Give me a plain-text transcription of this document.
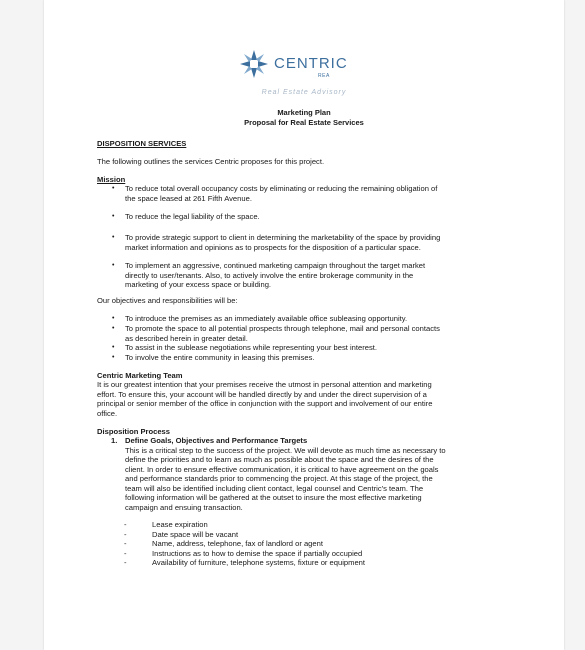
CENTRIC
REA
Real Estate Advisory
Marketing Plan
Proposal for Real Estate Services
DISPOSITION SERVICES
The following outlines the services Centric proposes for this project.
Mission
• To reduce total overall occupancy costs by eliminating or reducing the remaining obligation of
the space leased at 261 Fifth Avenue.
• To reduce the legal liability of the space.
• To provide strategic support to client in determining the marketability of the space by providing
market information and opinions as to prospects for the disposition of a particular space.
• To implement an aggressive, continued marketing campaign throughout the target market
directly to user/tenants. Also, to actively involve the entire brokerage community in the
marketing of your excess space or building.
Our objectives and responsibilities will be:
• To introduce the premises as an immediately available office subleasing opportunity.
• To promote the space to all potential prospects through telephone, mail and personal contacts
as described herein in greater detail.
• To assist in the sublease negotiations while representing your best interest.
• To involve the entire community in leasing this premises.
Centric Marketing Team
It is our greatest intention that your premises receive the utmost in personal attention and marketing
effort. To ensure this, your account will be handled directly by and under the direct supervision of a
principal or senior member of the office in conjunction with the support and involvement of our entire
office.
Disposition Process
1. Define Goals, Objectives and Performance Targets
This is a critical step to the success of the project. We will devote as much time as necessary to
define the priorities and to learn as much as possible about the space and the desires of the
client. In order to ensure effective communication, it is critical to have agreement on the goals
and performance standards prior to commencing the project. At this stage of the project, the
team will also be identified including client contact, legal counsel and Centric's team. The
following information will be gathered at the outset to insure the most effective marketing
campaign and ensuing transaction.
-	Lease expiration
-	Date space will be vacant
-	Name, address, telephone, fax of landlord or agent
-	Instructions as to how to demise the space if partially occupied
-	Availability of furniture, telephone systems, fixture or equipment
